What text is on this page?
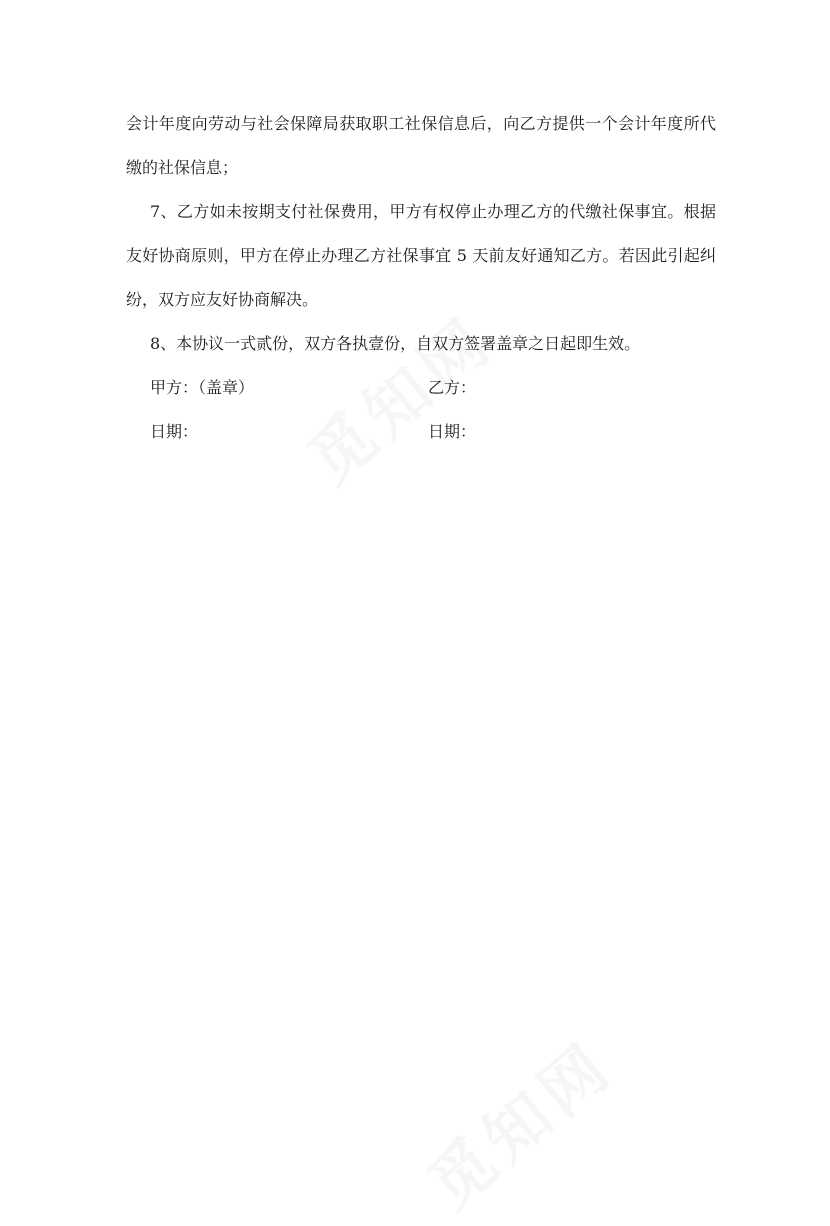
会计年度向劳动与社会保障局获取职工社保信息后，向乙方提供一个会计年度所代缴的社保信息；

7、乙方如未按期支付社保费用，甲方有权停止办理乙方的代缴社保事宜。根据友好协商原则，甲方在停止办理乙方社保事宜 5 天前友好通知乙方。若因此引起纠纷，双方应友好协商解决。

8、本协议一式贰份，双方各执壹份，自双方签署盖章之日起即生效。

甲方：（盖章）	乙方：
日期：	日期：
